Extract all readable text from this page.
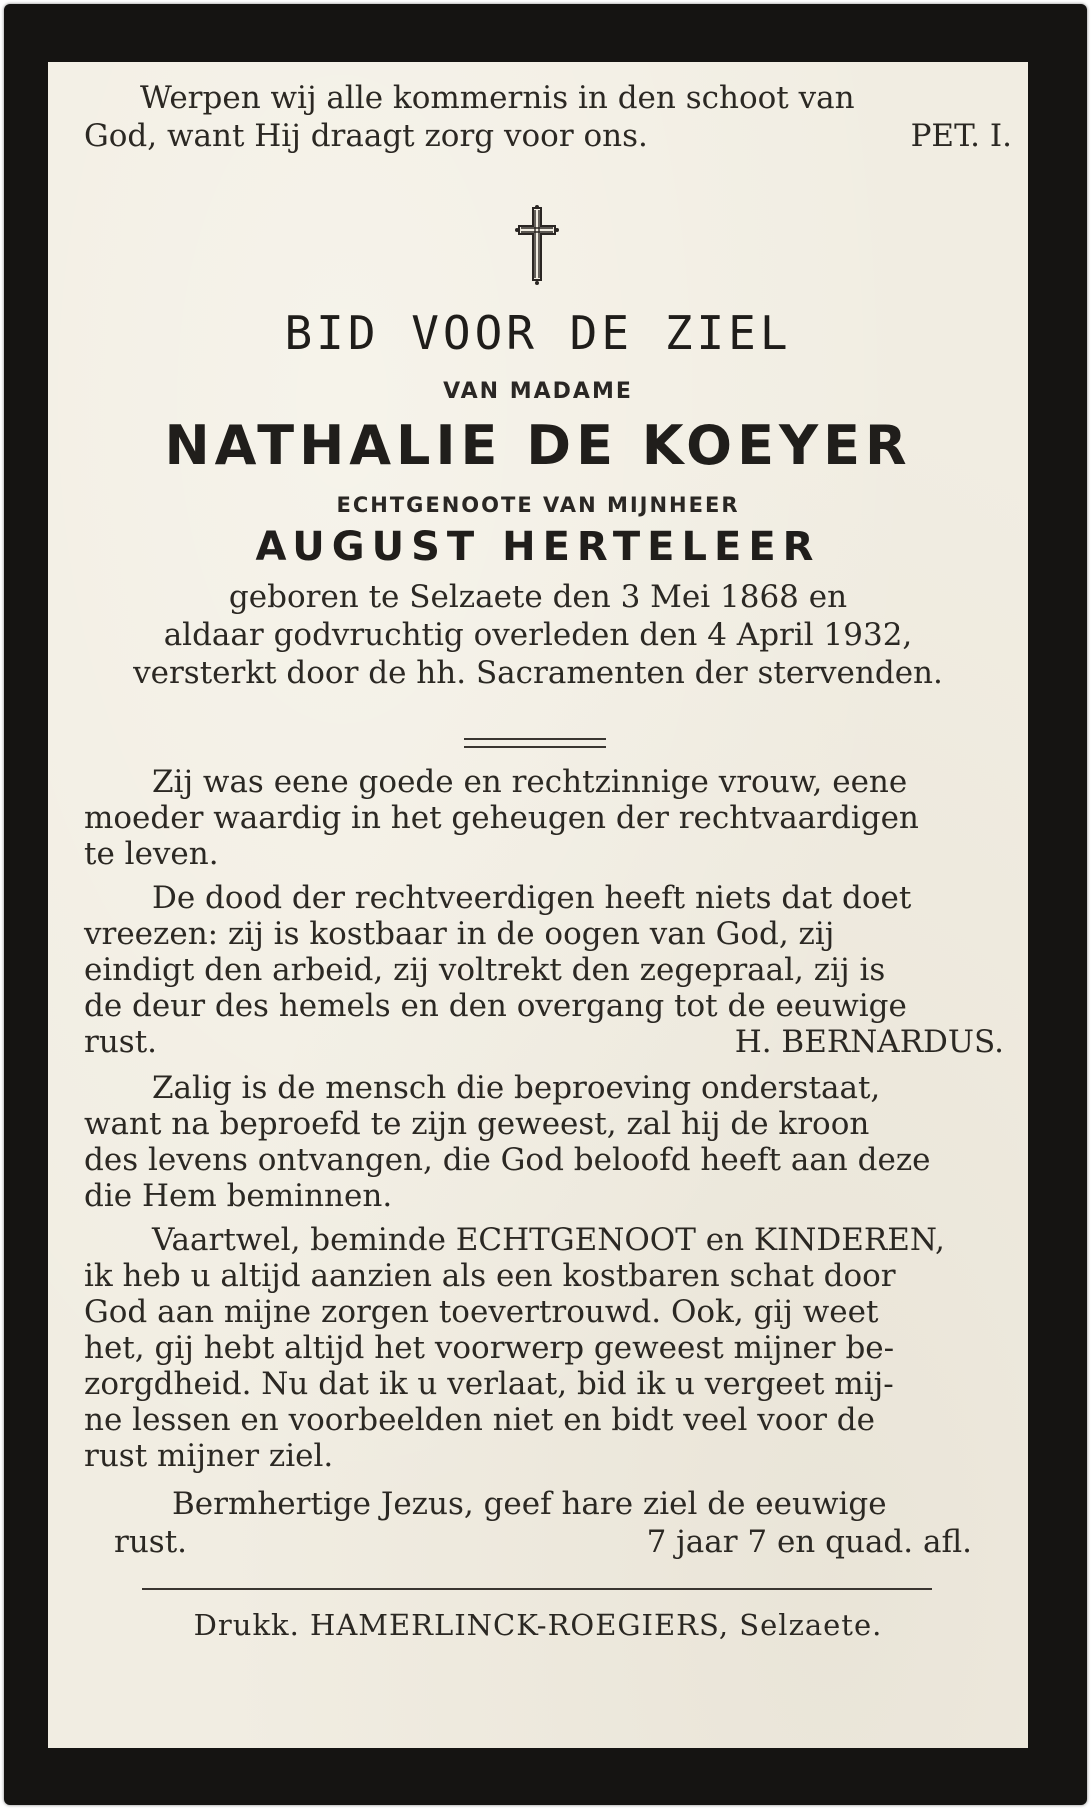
Werpen wij alle kommernis in den schoot van
God, want Hij draagt zorg voor ons.	PET. I.
BID VOOR DE ZIEL
VAN MADAME
NATHALIE DE KOEYER
ECHTGENOOTE VAN MIJNHEER
AUGUST HERTELEER
geboren te Selzaete den 3 Mei 1868 en
aldaar godvruchtig overleden den 4 April 1932,
versterkt door de hh. Sacramenten der stervenden.
Zij was eene goede en rechtzinnige vrouw, eene
moeder waardig in het geheugen der rechtvaardigen
te leven.
De dood der rechtveerdigen heeft niets dat doet
vreezen: zij is kostbaar in de oogen van God, zij
eindigt den arbeid, zij voltrekt den zegepraal, zij is
de deur des hemels en den overgang tot de eeuwige
rust.	H. BERNARDUS.
Zalig is de mensch die beproeving onderstaat,
want na beproefd te zijn geweest, zal hij de kroon
des levens ontvangen, die God beloofd heeft aan deze
die Hem beminnen.
Vaartwel, beminde ECHTGENOOT en KINDEREN,
ik heb u altijd aanzien als een kostbaren schat door
God aan mijne zorgen toevertrouwd. Ook, gij weet
het, gij hebt altijd het voorwerp geweest mijner be-
zorgdheid. Nu dat ik u verlaat, bid ik u vergeet mij-
ne lessen en voorbeelden niet en bidt veel voor de
rust mijner ziel.
Bermhertige Jezus, geef hare ziel de eeuwige
rust.	7 jaar 7 en quad. afl.
Drukk. HAMERLINCK-ROEGIERS, Selzaete.
